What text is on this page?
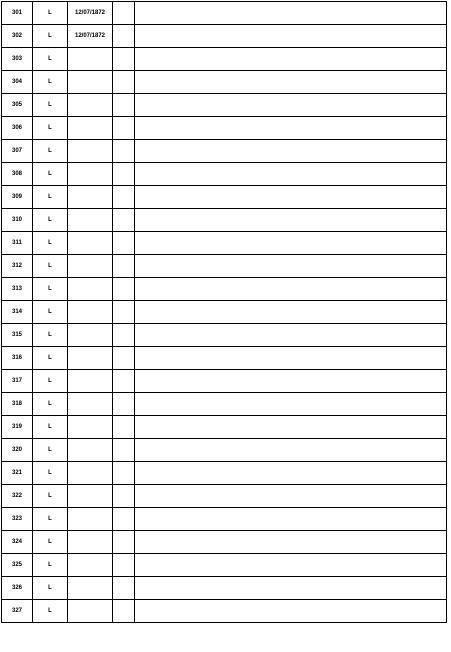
301	L	12/07/1872		
302	L	12/07/1872		
303	L			
304	L			
305	L			
306	L			
307	L			
308	L			
309	L			
310	L			
311	L			
312	L			
313	L			
314	L			
315	L			
316	L			
317	L			
318	L			
319	L			
320	L			
321	L			
322	L			
323	L			
324	L			
325	L			
326	L			
327	L			
